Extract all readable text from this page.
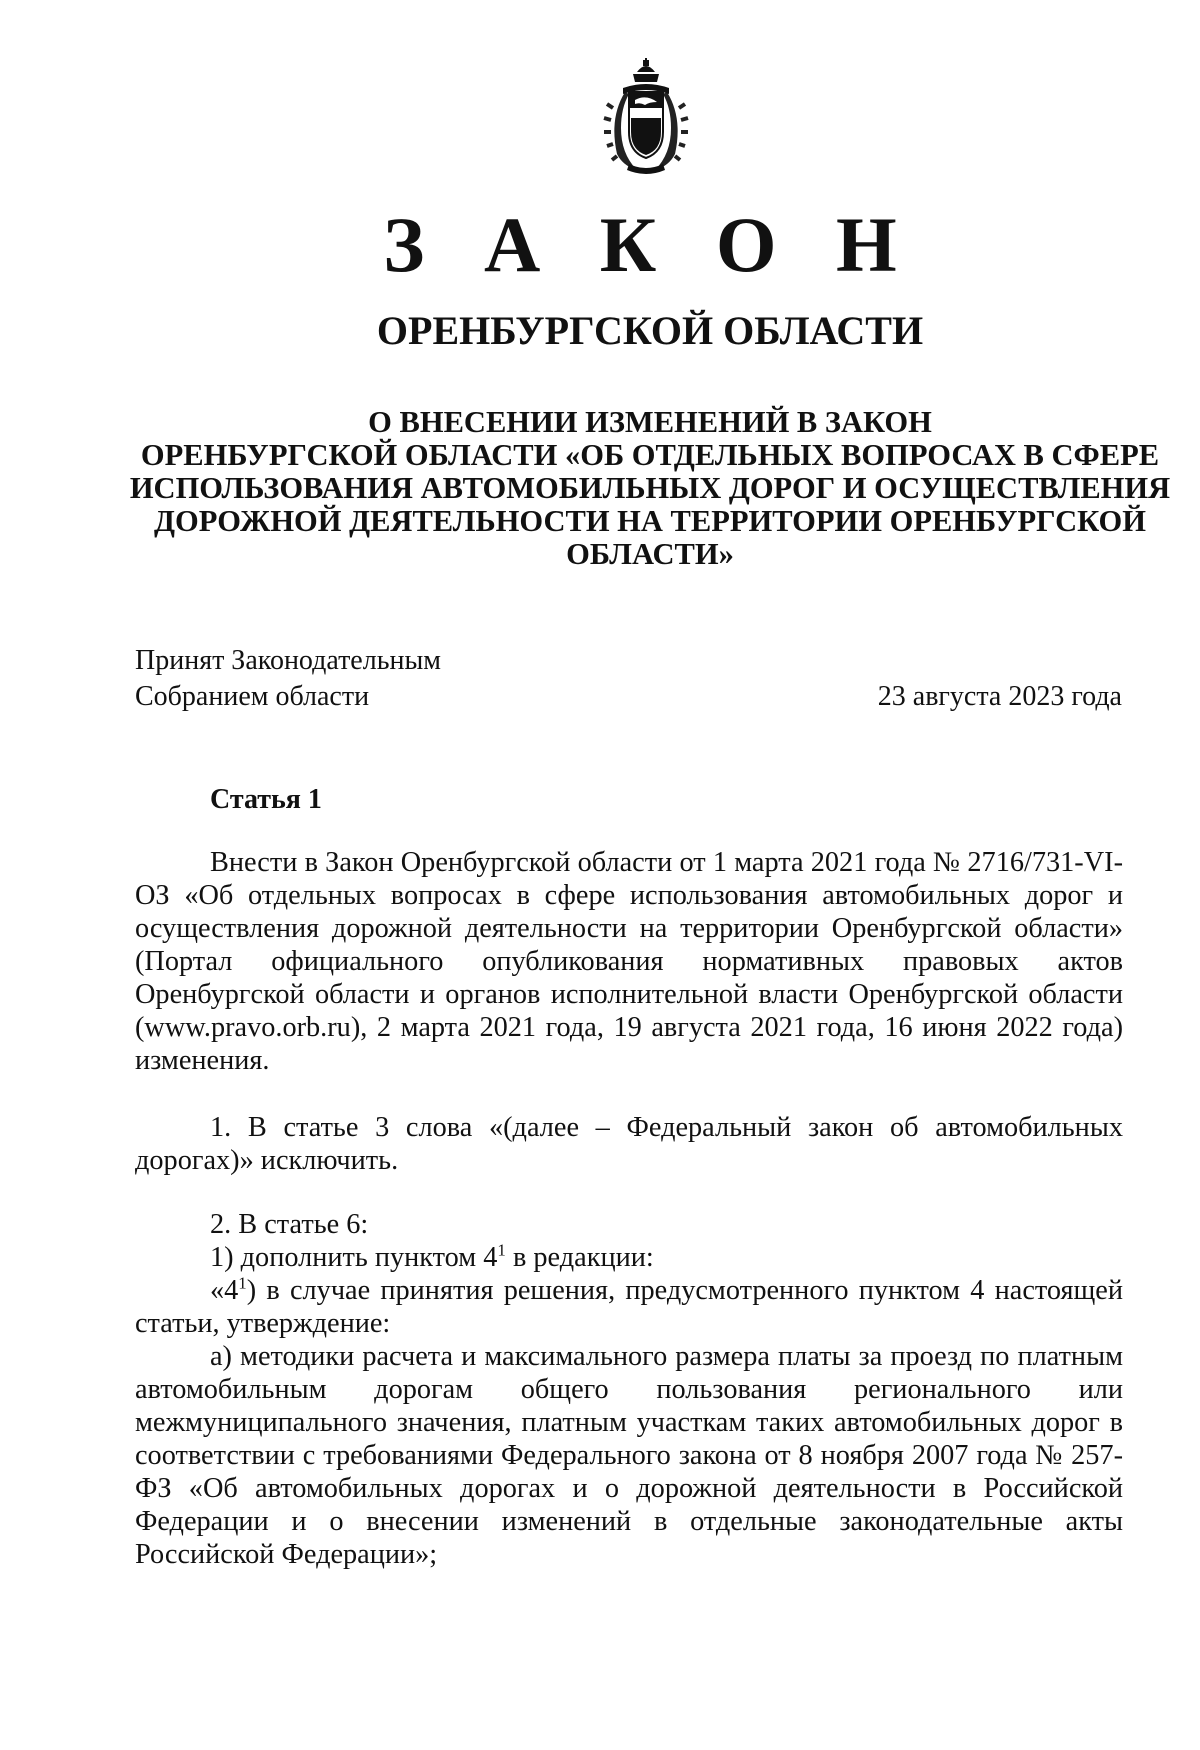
З А К О Н
ОРЕНБУРГСКОЙ ОБЛАСТИ
О ВНЕСЕНИИ ИЗМЕНЕНИЙ В ЗАКОН
ОРЕНБУРГСКОЙ ОБЛАСТИ «ОБ ОТДЕЛЬНЫХ ВОПРОСАХ В СФЕРЕ
ИСПОЛЬЗОВАНИЯ АВТОМОБИЛЬНЫХ ДОРОГ И ОСУЩЕСТВЛЕНИЯ
ДОРОЖНОЙ ДЕЯТЕЛЬНОСТИ НА ТЕРРИТОРИИ ОРЕНБУРГСКОЙ
ОБЛАСТИ»
Принят Законодательным
Собранием области	23 августа 2023 года
Статья 1
Внести в Закон Оренбургской области от 1 марта 2021 года № 2716/731-VI-ОЗ «Об отдельных вопросах в сфере использования автомобильных дорог и осуществления дорожной деятельности на территории Оренбургской области» (Портал официального опубликования нормативных правовых актов Оренбургской области и органов исполнительной власти Оренбургской области (www.pravo.orb.ru), 2 марта 2021 года, 19 августа 2021 года, 16 июня 2022 года) изменения.
1. В статье 3 слова «(далее – Федеральный закон об автомобильных дорогах)» исключить.
2. В статье 6:
1) дополнить пунктом $4^1$ в редакции:
«$4^1$) в случае принятия решения, предусмотренного пунктом 4 настоящей статьи, утверждение:
а) методики расчета и максимального размера платы за проезд по платным автомобильным дорогам общего пользования регионального или межмуниципального значения, платным участкам таких автомобильных дорог в соответствии с требованиями Федерального закона от 8 ноября 2007 года № 257-ФЗ «Об автомобильных дорогах и о дорожной деятельности в Российской Федерации и о внесении изменений в отдельные законодательные акты Российской Федерации»;
